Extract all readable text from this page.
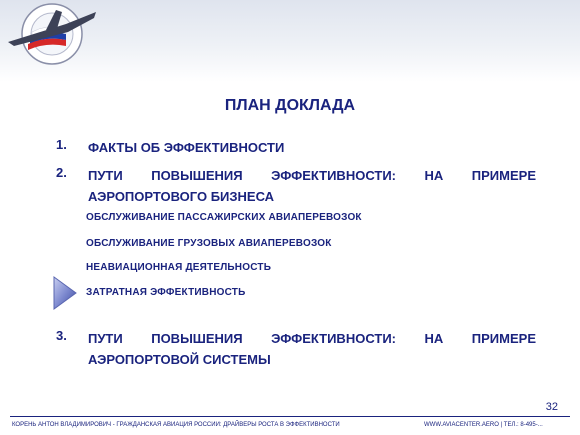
ПЛАН ДОКЛАДА
1. ФАКТЫ ОБ ЭФФЕКТИВНОСТИ
2. ПУТИ ПОВЫШЕНИЯ ЭФФЕКТИВНОСТИ: НА ПРИМЕРЕ АЭРОПОРТОВОГО БИЗНЕСА
ОБСЛУЖИВАНИЕ ПАССАЖИРСКИХ АВИАПЕРЕВОЗОК
ОБСЛУЖИВАНИЕ ГРУЗОВЫХ АВИАПЕРЕВОЗОК
НЕАВИАЦИОННАЯ ДЕЯТЕЛЬНОСТЬ
ЗАТРАТНАЯ ЭФФЕКТИВНОСТЬ
3. ПУТИ ПОВЫШЕНИЯ ЭФФЕКТИВНОСТИ: НА ПРИМЕРЕ АЭРОПОРТОВОЙ СИСТЕМЫ
32
КОРЕНЬ АНТОН ВЛАДИМИРОВИЧ - ГРАЖДАНСКАЯ АВИАЦИЯ РОССИИ: ДРАЙВЕРЫ РОСТА В ЭФФЕКТИВНОСТИ	WWW.AVIACENTER.AERO | ТЕЛ.: 8-495-...
